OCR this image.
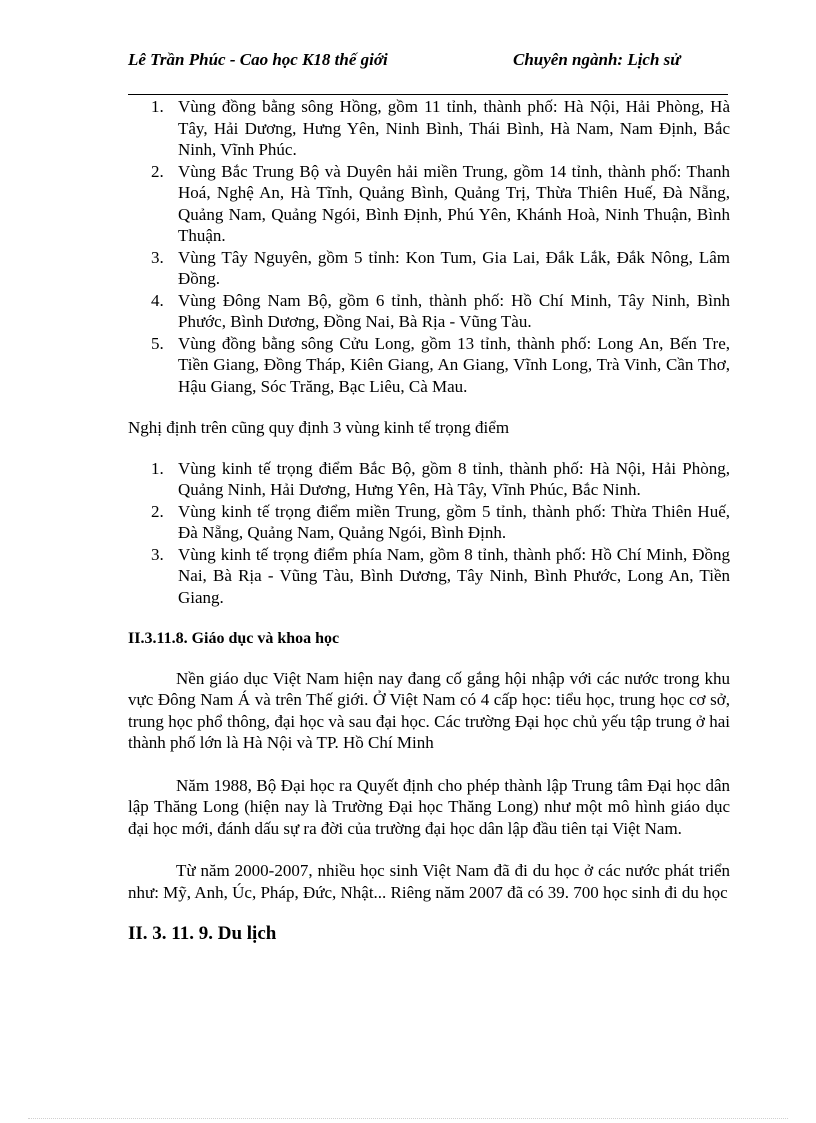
Lê Trần Phúc - Cao học K18 thế giới	Chuyên ngành: Lịch sử
1. Vùng đồng bằng sông Hồng, gồm 11 tỉnh, thành phố: Hà Nội, Hải Phòng, Hà Tây, Hải Dương, Hưng Yên, Ninh Bình, Thái Bình, Hà Nam, Nam Định, Bắc Ninh, Vĩnh Phúc.
2. Vùng Bắc Trung Bộ và Duyên hải miền Trung, gồm 14 tỉnh, thành phố: Thanh Hoá, Nghệ An, Hà Tĩnh, Quảng Bình, Quảng Trị, Thừa Thiên Huế, Đà Nẵng, Quảng Nam, Quảng Ngói, Bình Định, Phú Yên, Khánh Hoà, Ninh Thuận, Bình Thuận.
3. Vùng Tây Nguyên, gồm 5 tỉnh: Kon Tum, Gia Lai, Đắk Lắk, Đắk Nông, Lâm Đồng.
4. Vùng Đông Nam Bộ, gồm 6 tỉnh, thành phố: Hồ Chí Minh, Tây Ninh, Bình Phước, Bình Dương, Đồng Nai, Bà Rịa - Vũng Tàu.
5. Vùng đồng bằng sông Cửu Long, gồm 13 tỉnh, thành phố: Long An, Bến Tre, Tiền Giang, Đồng Tháp, Kiên Giang, An Giang, Vĩnh Long, Trà Vinh, Cần Thơ, Hậu Giang, Sóc Trăng, Bạc Liêu, Cà Mau.

Nghị định trên cũng quy định 3 vùng kinh tế trọng điểm

1. Vùng kinh tế trọng điểm Bắc Bộ, gồm 8 tỉnh, thành phố: Hà Nội, Hải Phòng, Quảng Ninh, Hải Dương, Hưng Yên, Hà Tây, Vĩnh Phúc, Bắc Ninh.
2. Vùng kinh tế trọng điểm miền Trung, gồm 5 tỉnh, thành phố: Thừa Thiên Huế, Đà Nẵng, Quảng Nam, Quảng Ngói, Bình Định.
3. Vùng kinh tế trọng điểm phía Nam, gồm 8 tỉnh, thành phố: Hồ Chí Minh, Đồng Nai, Bà Rịa - Vũng Tàu, Bình Dương, Tây Ninh, Bình Phước, Long An, Tiền Giang.
II.3.11.8. Giáo dục và khoa học

Nền giáo dục Việt Nam hiện nay đang cố gắng hội nhập với các nước trong khu vực Đông Nam Á và trên Thế giới. Ở Việt Nam có 4 cấp học: tiểu học, trung học cơ sở, trung học phổ thông, đại học và sau đại học. Các trường Đại học chủ yếu tập trung ở hai thành phố lớn là Hà Nội và TP. Hồ Chí Minh

Năm 1988, Bộ Đại học ra Quyết định cho phép thành lập Trung tâm Đại học dân lập Thăng Long (hiện nay là Trường Đại học Thăng Long) như một mô hình giáo dục đại học mới, đánh dấu sự ra đời của trường đại học dân lập đầu tiên tại Việt Nam.

Từ năm 2000-2007, nhiều học sinh Việt Nam đã đi du học ở các nước phát triển như: Mỹ, Anh, Úc, Pháp, Đức, Nhật... Riêng năm 2007 đã có 39. 700 học sinh đi du học

II. 3. 11. 9. Du lịch
